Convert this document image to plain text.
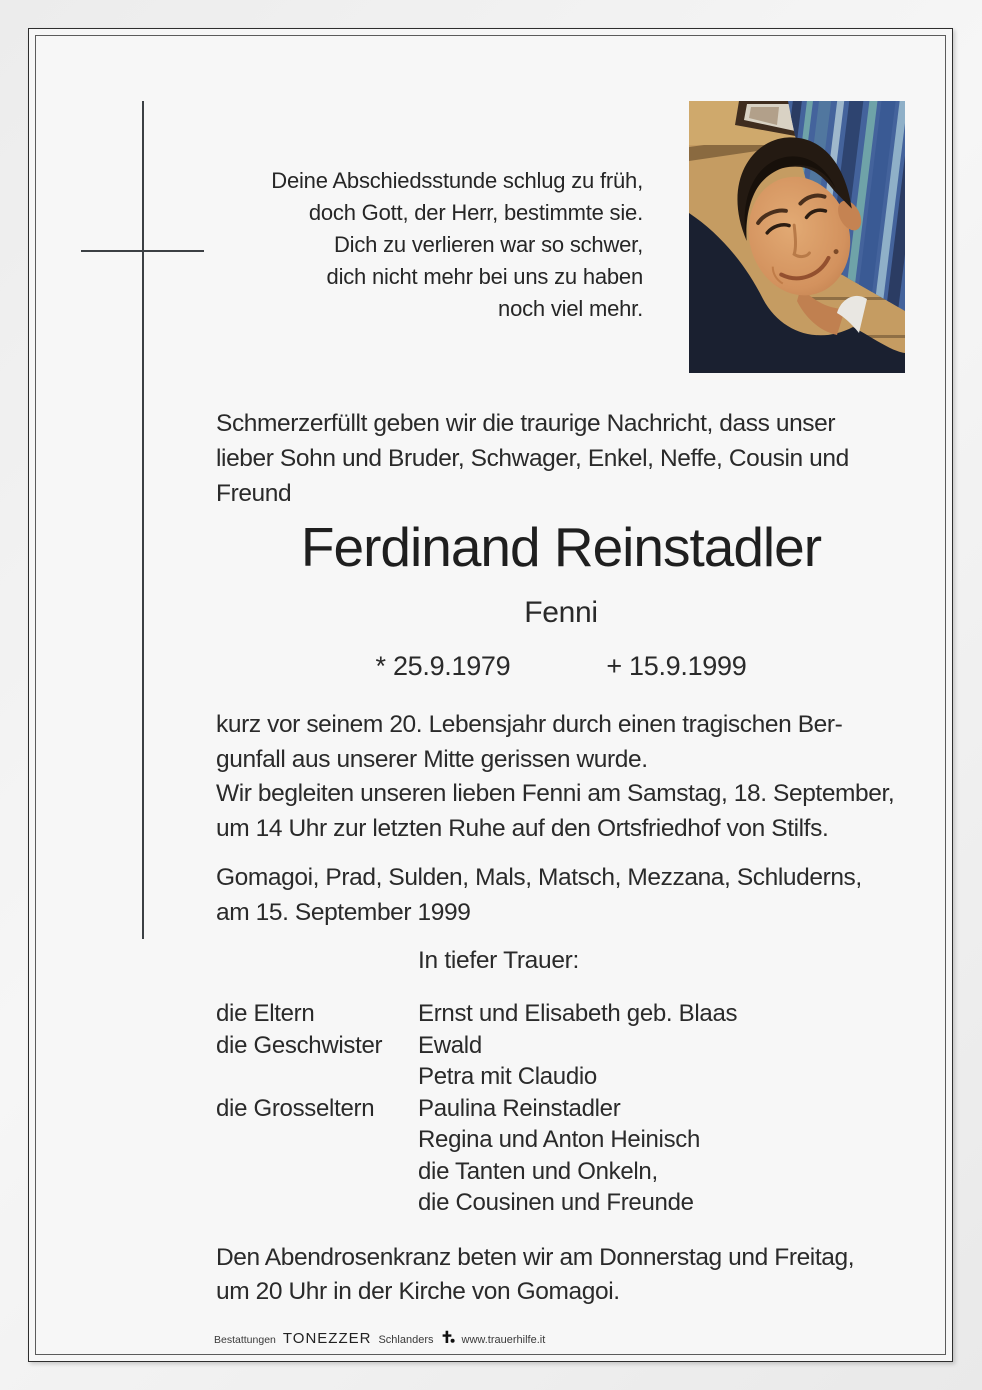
Deine Abschiedsstunde schlug zu früh,
doch Gott, der Herr, bestimmte sie.
Dich zu verlieren war so schwer,
dich nicht mehr bei uns zu haben
noch viel mehr.
Schmerzerfüllt geben wir die traurige Nachricht, dass unser
lieber Sohn und Bruder, Schwager, Enkel, Neffe, Cousin und
Freund
Ferdinand Reinstadler
Fenni
* 25.9.1979	+ 15.9.1999
kurz vor seinem 20. Lebensjahr durch einen tragischen Ber-
gunfall aus unserer Mitte gerissen wurde.
Wir begleiten unseren lieben Fenni am Samstag, 18. September,
um 14 Uhr zur letzten Ruhe auf den Ortsfriedhof von Stilfs.
Gomagoi, Prad, Sulden, Mals, Matsch, Mezzana, Schluderns,
am 15. September 1999
In tiefer Trauer:
die Eltern	Ernst und Elisabeth geb. Blaas
die Geschwister	Ewald
Petra mit Claudio
die Grosseltern	Paulina Reinstadler
Regina und Anton Heinisch
die Tanten und Onkeln,
die Cousinen und Freunde
Den Abendrosenkranz beten wir am Donnerstag und Freitag,
um 20 Uhr in der Kirche von Gomagoi.
Bestattungen TONEZZER Schlanders	www.trauerhilfe.it
